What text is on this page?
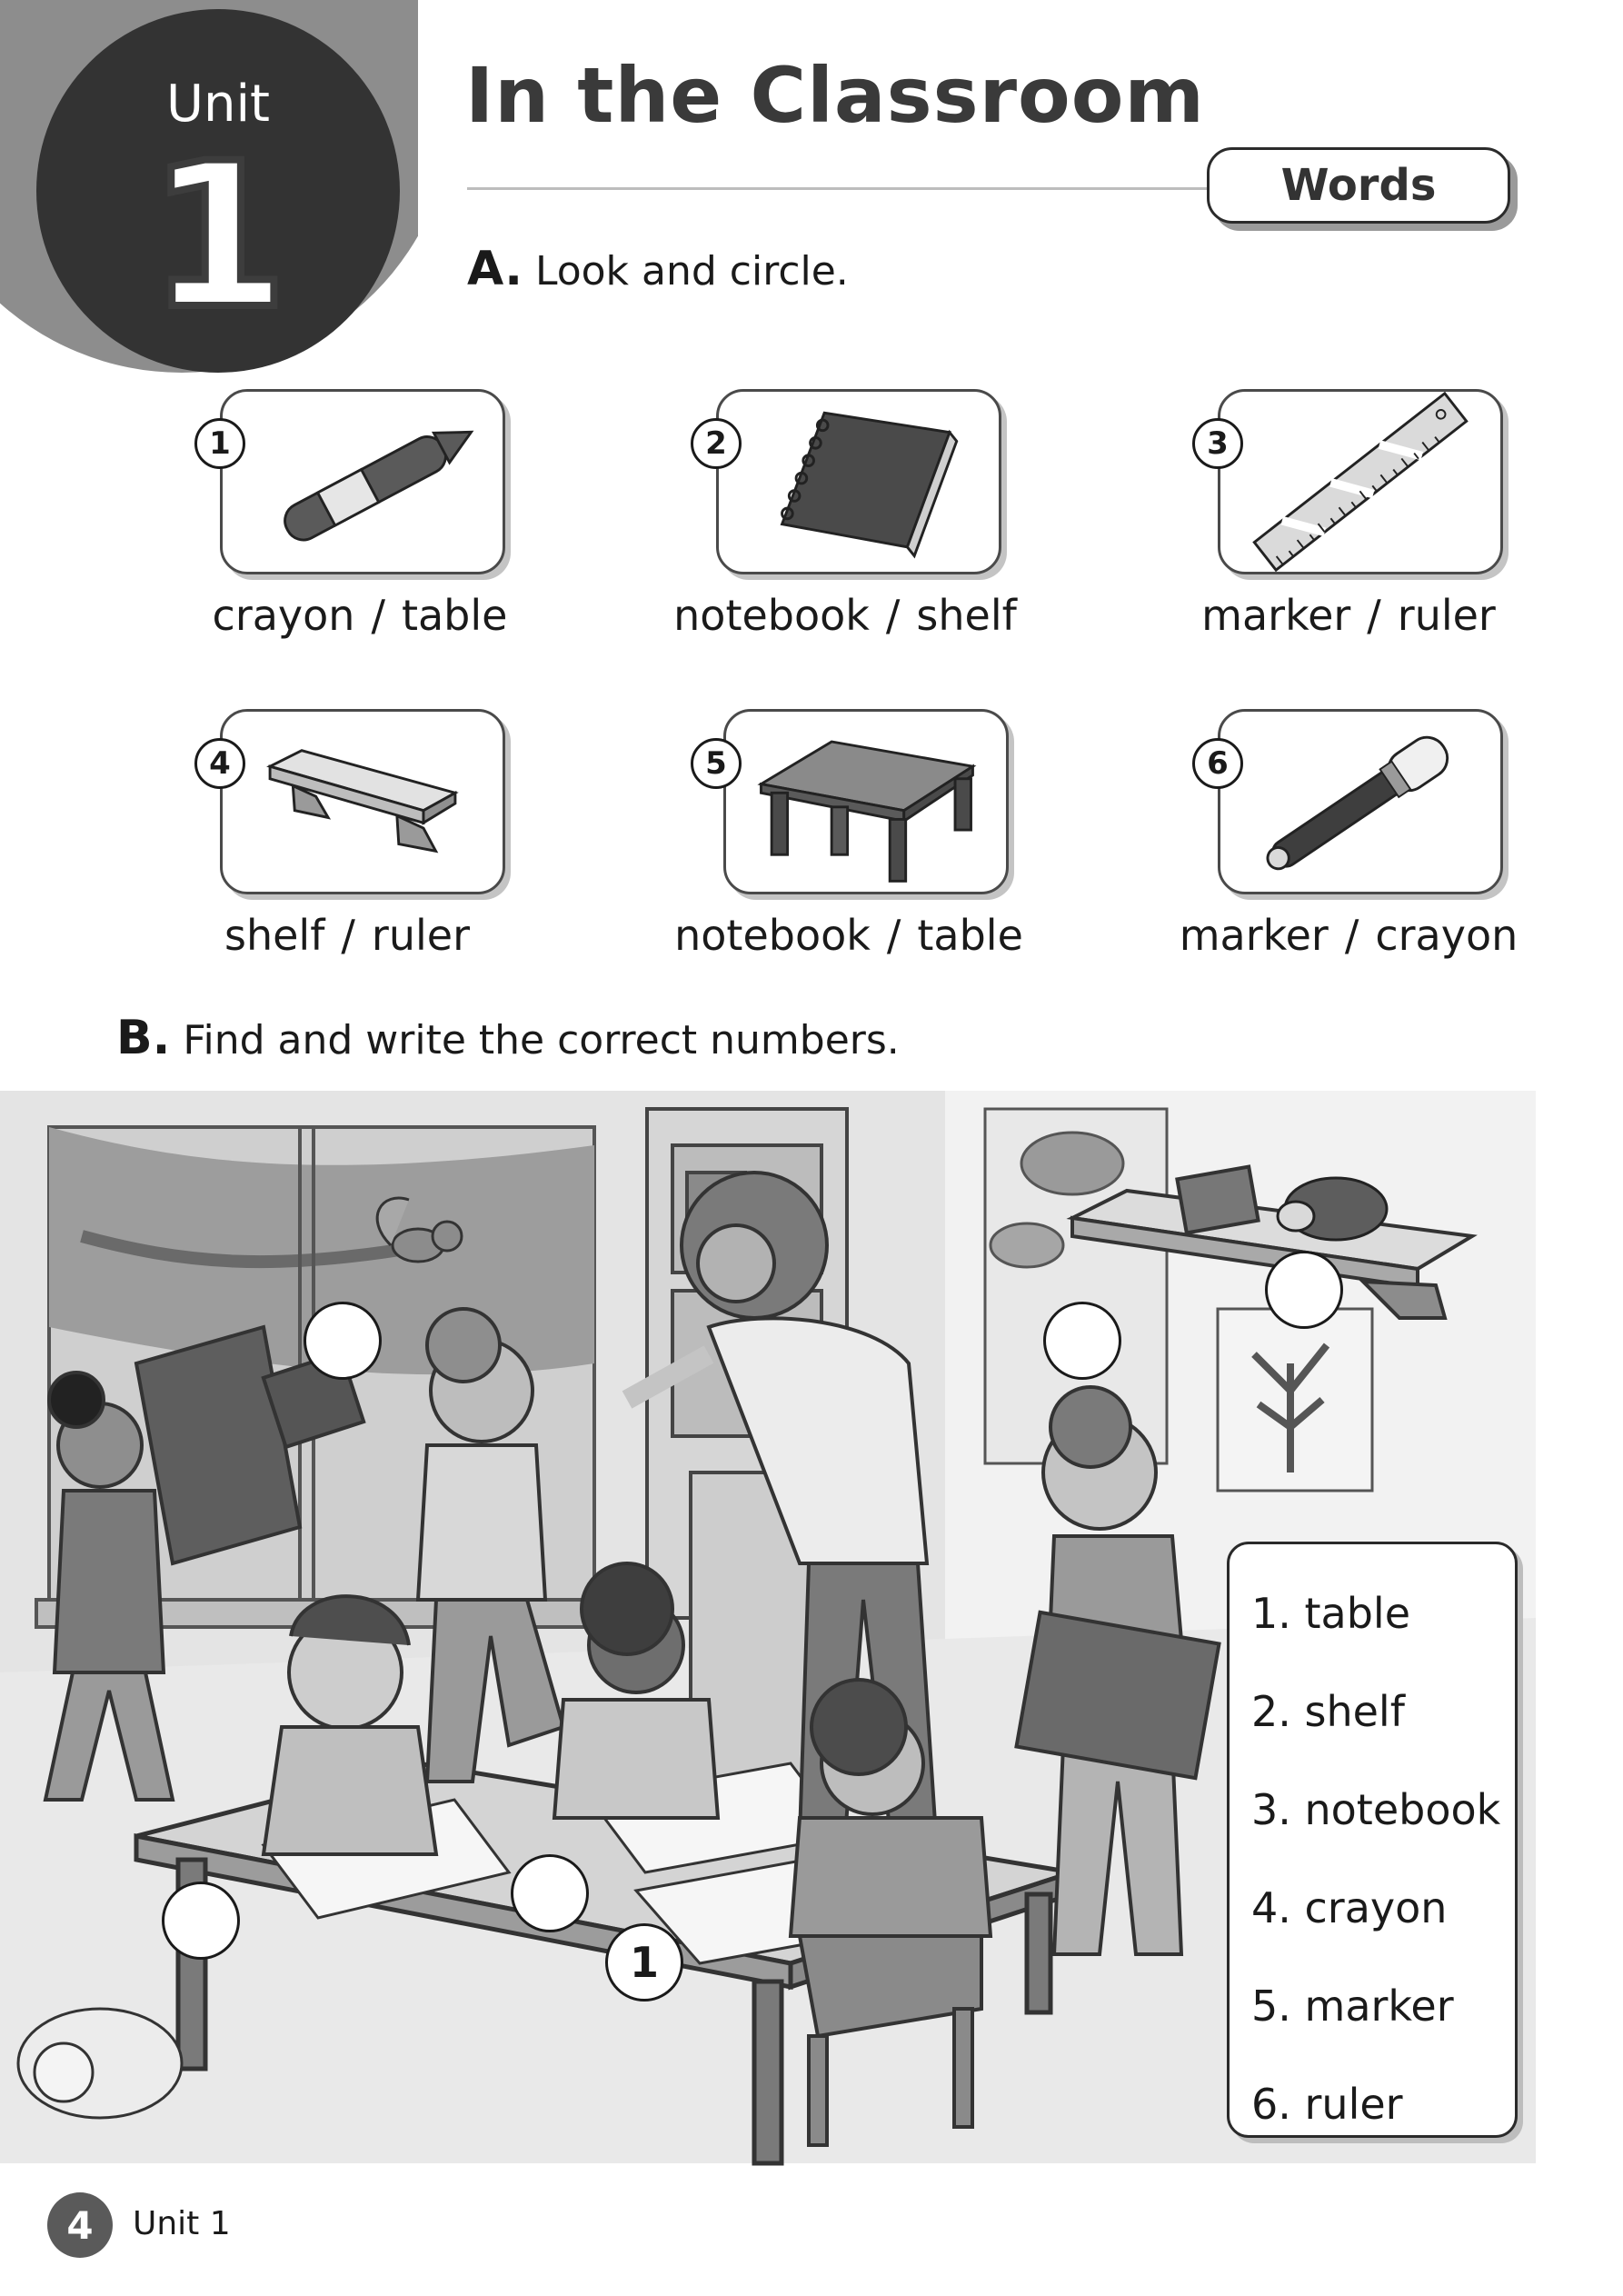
Unit
1
In the Classroom
Words
A. Look and circle.
1
crayon / table
2
notebook / shelf
3
marker / ruler
4
shelf / ruler
5
notebook / table
6
marker / crayon
B. Find and write the correct numbers.
1
1. table
2. shelf
3. notebook
4. crayon
5. marker
6. ruler
4	Unit 1
